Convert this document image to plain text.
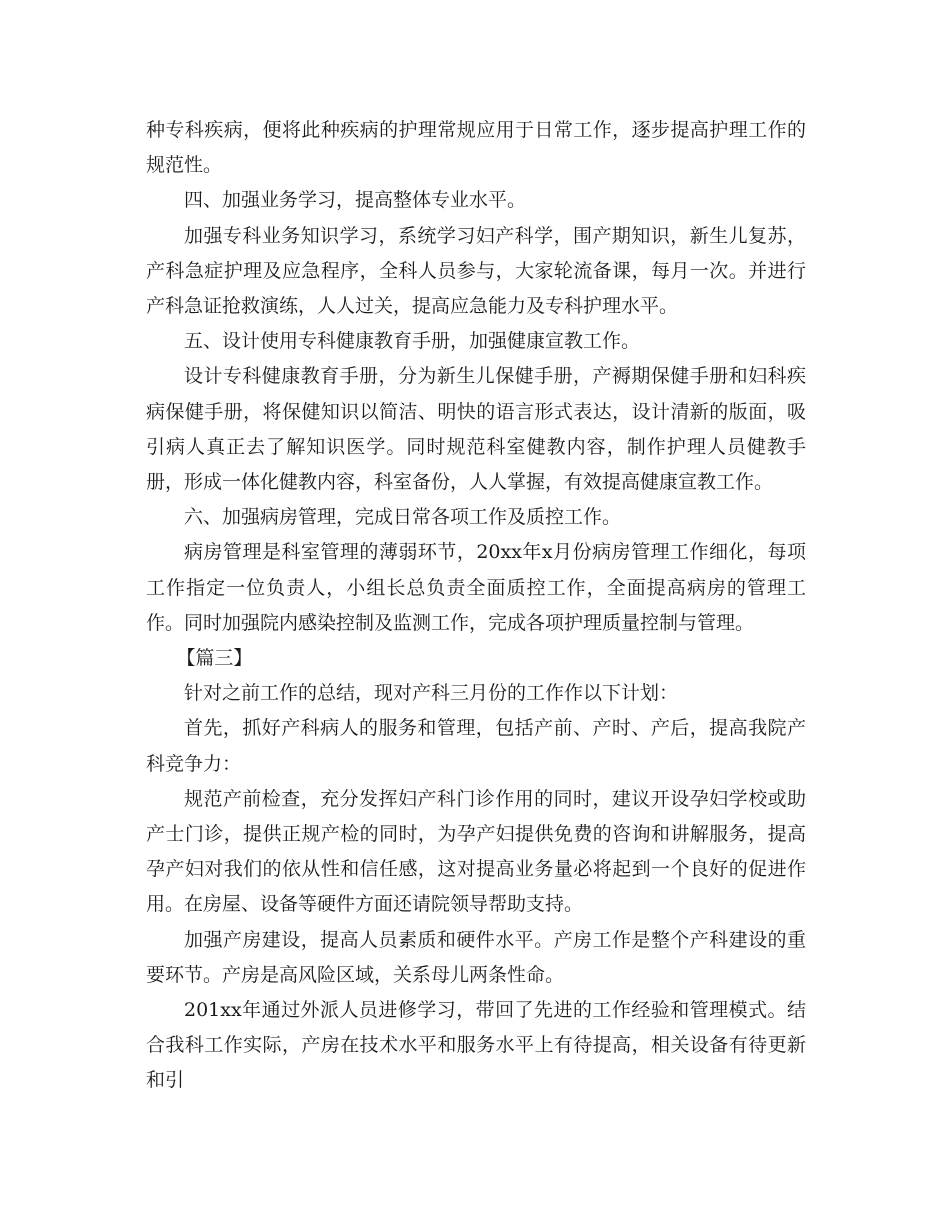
种专科疾病，便将此种疾病的护理常规应用于日常工作，逐步提高护理工作的规范性。

四、加强业务学习，提高整体专业水平。

加强专科业务知识学习，系统学习妇产科学，围产期知识，新生儿复苏，产科急症护理及应急程序，全科人员参与，大家轮流备课，每月一次。并进行产科急证抢救演练，人人过关，提高应急能力及专科护理水平。

五、设计使用专科健康教育手册，加强健康宣教工作。

设计专科健康教育手册，分为新生儿保健手册，产褥期保健手册和妇科疾病保健手册，将保健知识以简洁、明快的语言形式表达，设计清新的版面，吸引病人真正去了解知识医学。同时规范科室健教内容，制作护理人员健教手册，形成一体化健教内容，科室备份，人人掌握，有效提高健康宣教工作。

六、加强病房管理，完成日常各项工作及质控工作。

病房管理是科室管理的薄弱环节，20xx年x月份病房管理工作细化，每项工作指定一位负责人，小组长总负责全面质控工作，全面提高病房的管理工作。同时加强院内感染控制及监测工作，完成各项护理质量控制与管理。

【篇三】

针对之前工作的总结，现对产科三月份的工作作以下计划：

首先，抓好产科病人的服务和管理，包括产前、产时、产后，提高我院产科竞争力：

规范产前检查，充分发挥妇产科门诊作用的同时，建议开设孕妇学校或助产士门诊，提供正规产检的同时，为孕产妇提供免费的咨询和讲解服务，提高孕产妇对我们的依从性和信任感，这对提高业务量必将起到一个良好的促进作用。在房屋、设备等硬件方面还请院领导帮助支持。

加强产房建设，提高人员素质和硬件水平。产房工作是整个产科建设的重要环节。产房是高风险区域，关系母儿两条性命。

201xx年通过外派人员进修学习，带回了先进的工作经验和管理模式。结合我科工作实际，产房在技术水平和服务水平上有待提高，相关设备有待更新和引
